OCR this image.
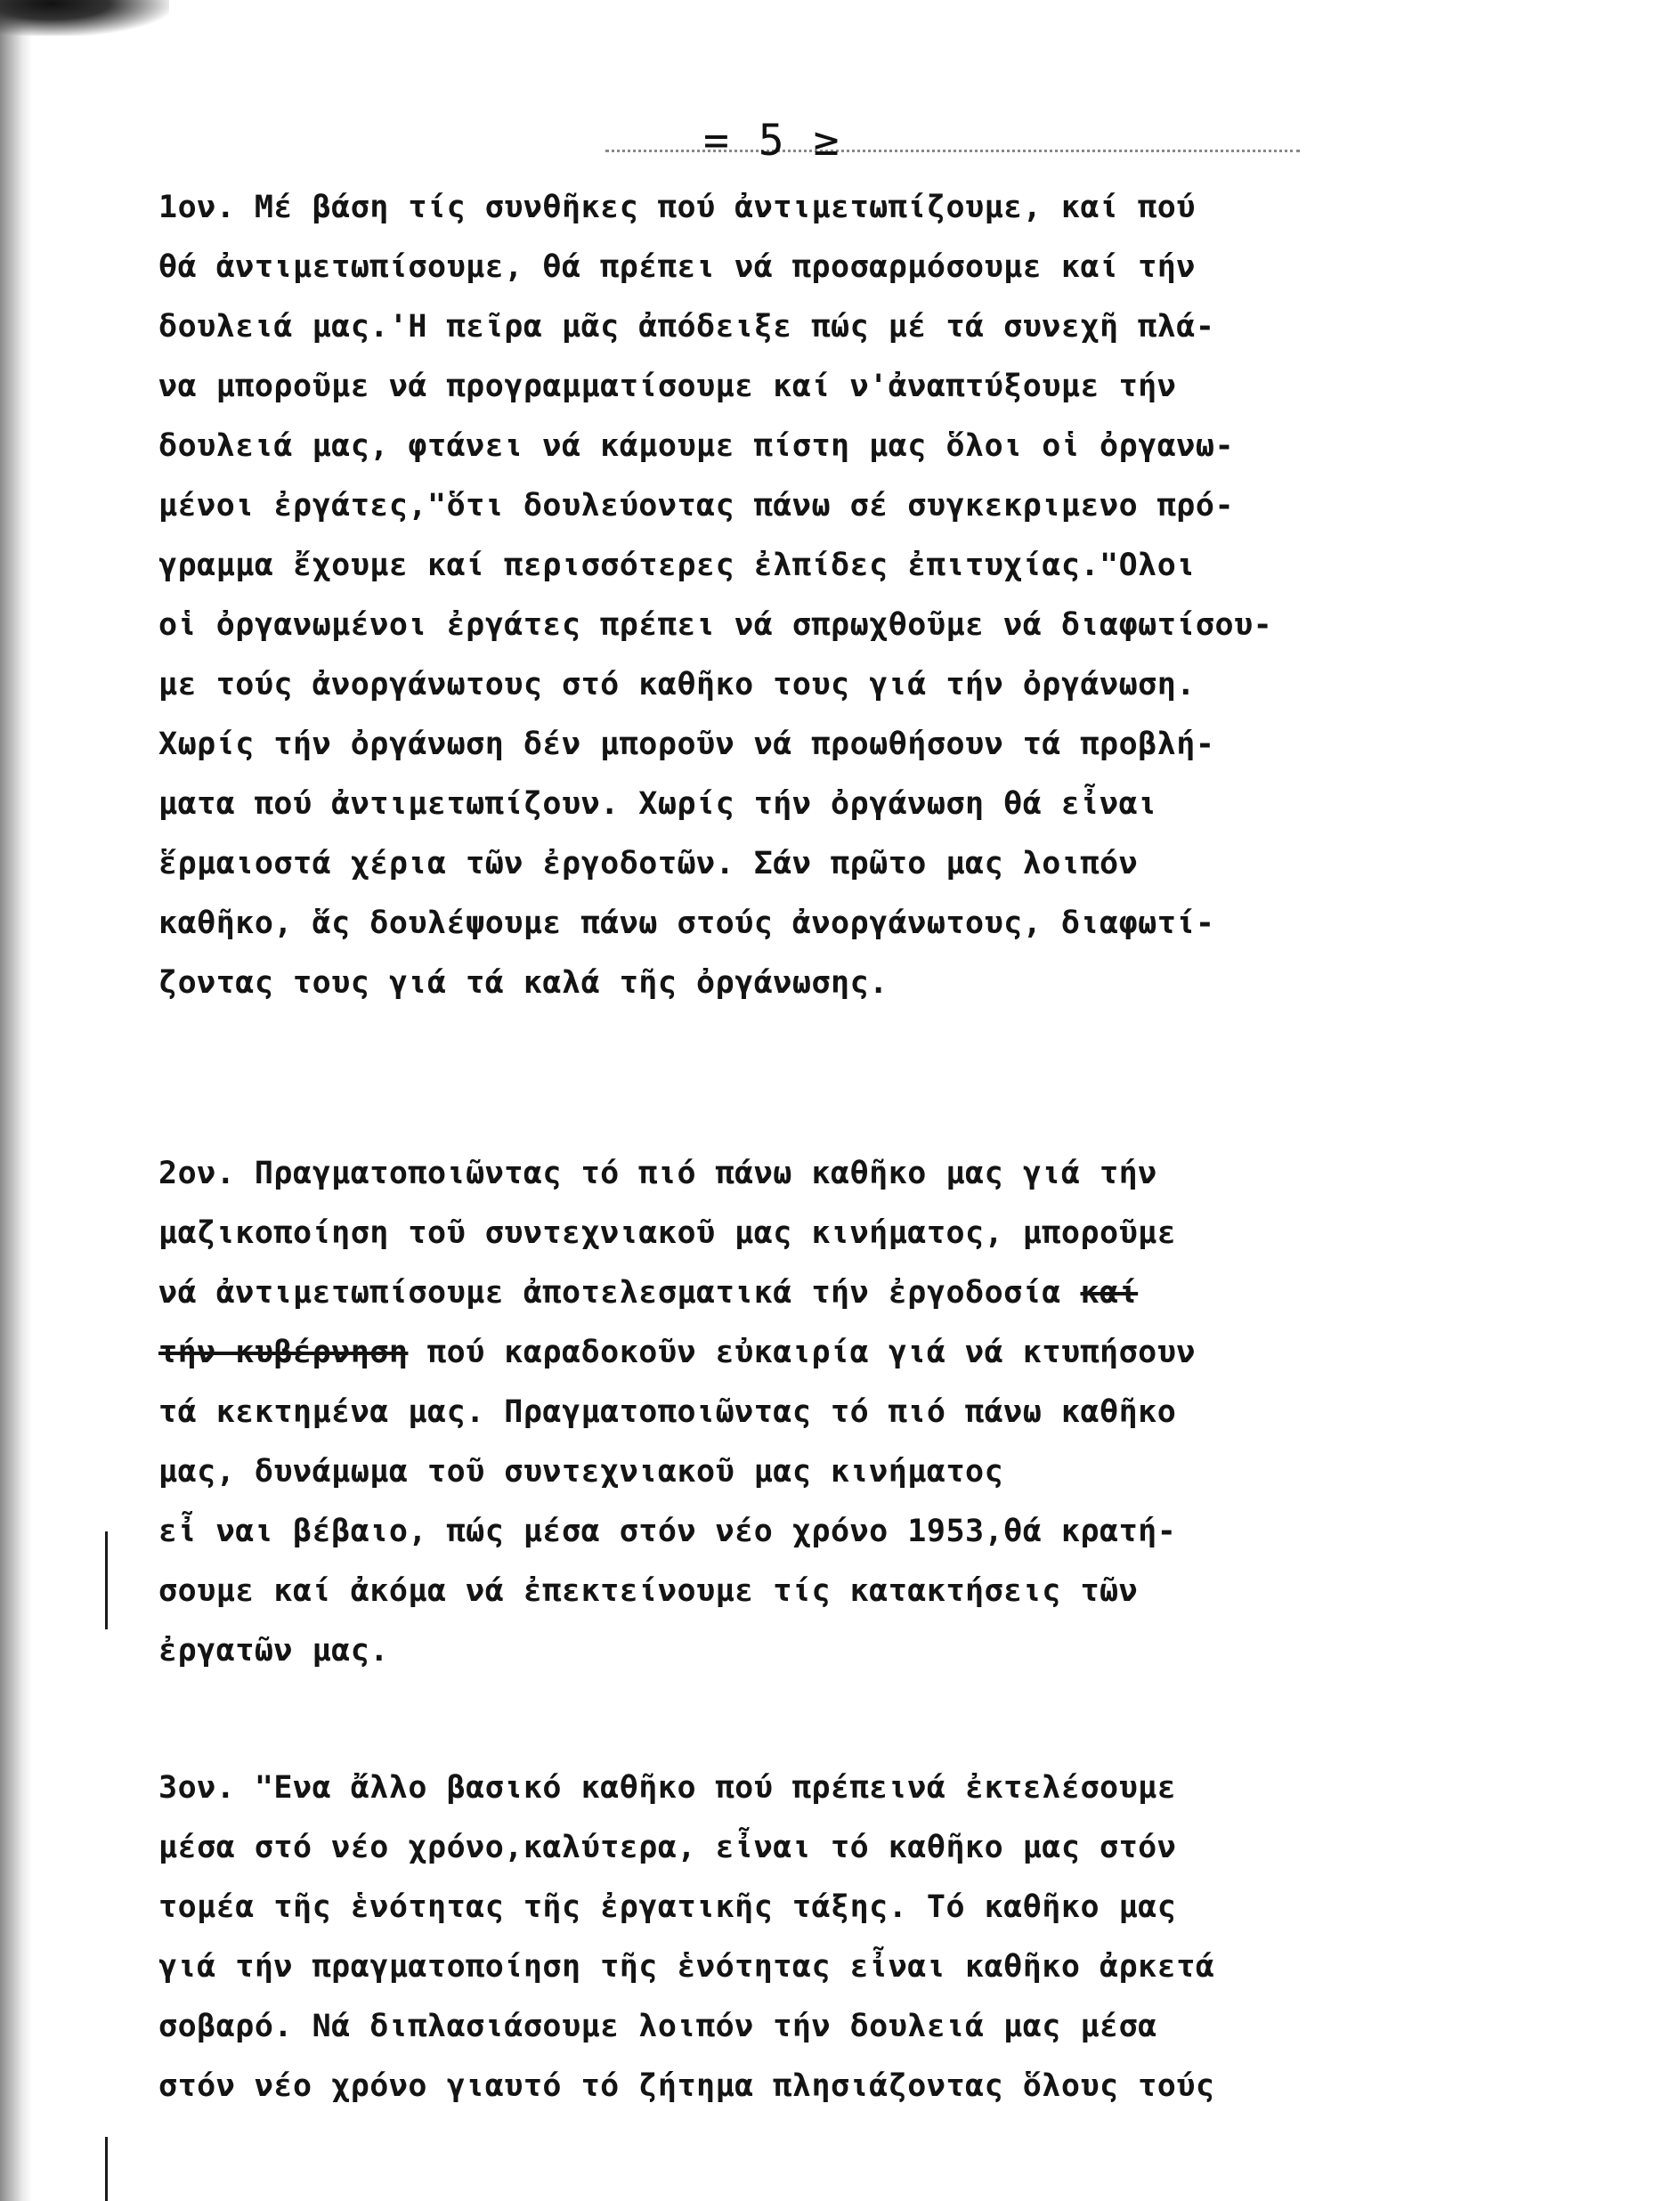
= 5 ≥
1ον. Μέ βάση τίς συνθῆκες πού ἀντιμετωπίζουμε, καί πού
θά ἀντιμετωπίσουμε, θά πρέπει νά προσαρμόσουμε καί τήν
δουλειά μας.'Η πεῖρα μᾶς ἀπόδειξε πώς μέ τά συνεχῆ πλά-
να μποροῦμε νά προγραμματίσουμε καί ν'ἀναπτύξουμε τήν
δουλειά μας, φτάνει νά κάμουμε πίστη μας ὅλοι οἱ ὀργανω-
μένοι ἐργάτες,"ὅτι δουλεύοντας πάνω σέ συγκεκριμενο πρό-
γραμμα ἔχουμε καί περισσότερες ἐλπίδες ἐπιτυχίας."Ολοι
οἱ ὀργανωμένοι ἐργάτες πρέπει νά σπρωχθοῦμε νά διαφωτίσου-
με τούς ἀνοργάνωτους στό καθῆκο τους γιά τήν ὀργάνωση.
Χωρίς τήν ὀργάνωση δέν μποροῦν νά προωθήσουν τά προβλή-
ματα πού ἀντιμετωπίζουν. Χωρίς τήν ὀργάνωση θά εἶναι
ἕρμαιοστά χέρια τῶν ἐργοδοτῶν. Σάν πρῶτο μας λοιπόν
καθῆκο, ἅς δουλέψουμε πάνω στούς ἀνοργάνωτους, διαφωτί-
ζοντας τους γιά τά καλά τῆς ὀργάνωσης.
2ον. Πραγματοποιῶντας τό πιό πάνω καθῆκο μας γιά τήν
μαζικοποίηση τοῦ συντεχνιακοῦ μας κινήματος, μποροῦμε
νά ἀντιμετωπίσουμε ἀποτελεσματικά τήν ἐργοδοσία καί
τήν κυβέρνηση πού καραδοκοῦν εὐκαιρία γιά νά κτυπήσουν
τά κεκτημένα μας. Πραγματοποιῶντας τό πιό πάνω καθῆκο
μας, δυνάμωμα τοῦ συντεχνιακοῦ μας κινήματος
εἶ ναι βέβαιο, πώς μέσα στόν νέο χρόνο 1953,θά κρατή-
σουμε καί ἀκόμα νά ἐπεκτείνουμε τίς κατακτήσεις τῶν
ἐργατῶν μας.
3ον. "Ενα ἄλλο βασικό καθῆκο πού πρέπεινά ἐκτελέσουμε
μέσα στό νέο χρόνο,καλύτερα, εἶναι τό καθῆκο μας στόν
τομέα τῆς ἑνότητας τῆς ἐργατικῆς τάξης. Τό καθῆκο μας
γιά τήν πραγματοποίηση τῆς ἑνότητας εἶναι καθῆκο ἀρκετά
σοβαρό. Νά διπλασιάσουμε λοιπόν τήν δουλειά μας μέσα
στόν νέο χρόνο γιαυτό τό ζήτημα πλησιάζοντας ὅλους τούς
